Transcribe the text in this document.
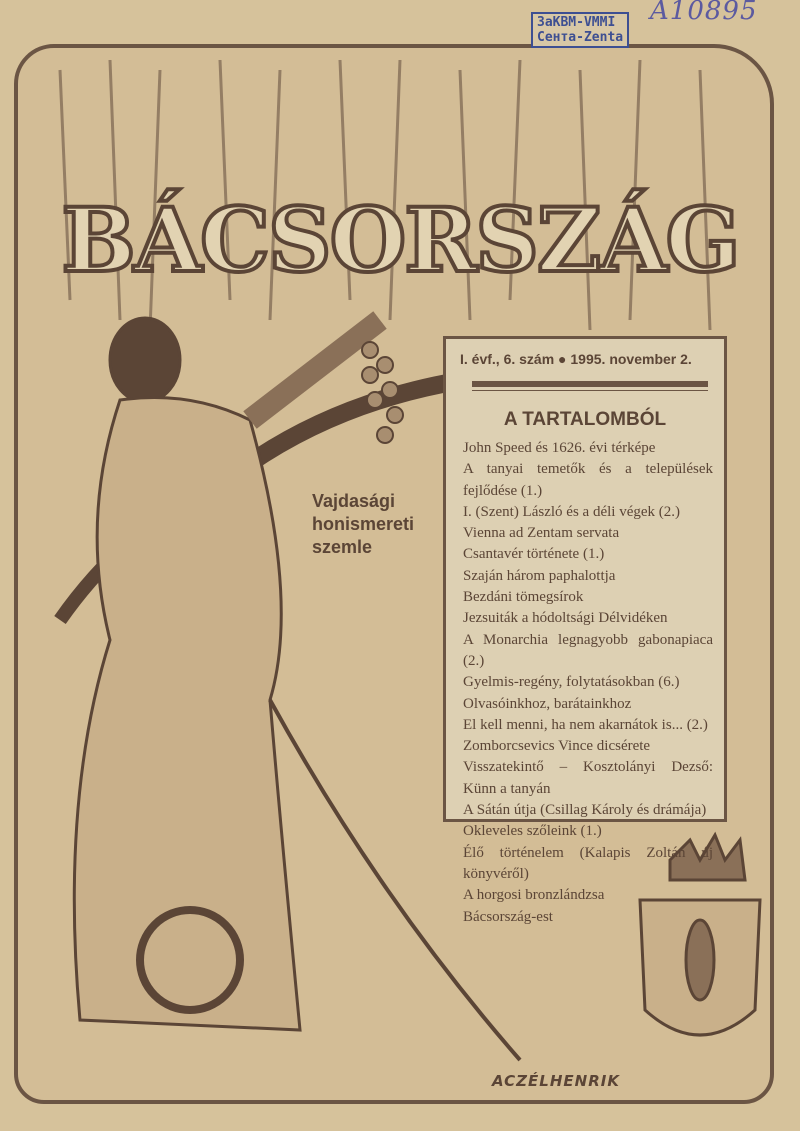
ЗаКВМ-VMMI
Сента-Zenta
A10895
BÁCSORSZÁG
Vajdasági
honismereti
szemle
I. évf., 6. szám ● 1995. november 2.
A TARTALOMBÓL
John Speed és 1626. évi térképe
A tanyai temetők és a települések fejlődése (1.)
I. (Szent) László és a déli végek (2.)
Vienna ad Zentam servata
Csantavér története (1.)
Szaján három paphalottja
Bezdáni tömegsírok
Jezsuiták a hódoltsági Délvidéken
A Monarchia legnagyobb gabonapiaca (2.)
Gyelmis-regény, folytatásokban (6.)
Olvasóinkhoz, barátainkhoz
El kell menni, ha nem akarnátok is... (2.)
Zomborcsevics Vince dicsérete
Visszatekintő – Kosztolányi Dezső: Künn a tanyán
A Sátán útja (Csillag Károly és drámája)
Okleveles szőleink (1.)
Élő történelem (Kalapis Zoltán új könyvéről)
A horgosi bronzlándzsa
Bácsország-est
ACZÉLHENRIK
